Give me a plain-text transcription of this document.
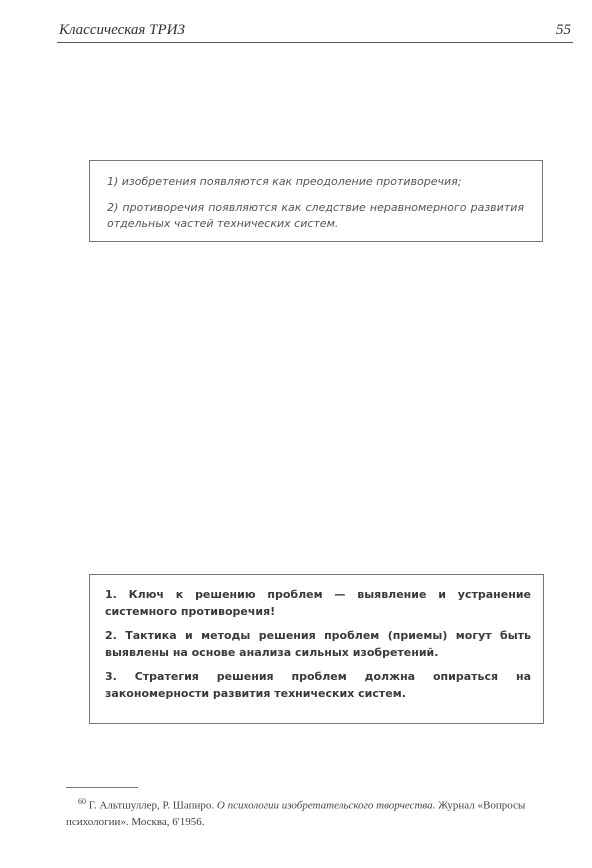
Классическая ТРИЗ	55

1) изобретения появляются как преодоление противоречия;

2) противоречия появляются как следствие неравномерного развития отдельных частей технических систем.

1. Ключ к решению проблем — выявление и устранение системного противоречия!

2. Тактика и методы решения проблем (приемы) могут быть выявлены на основе анализа сильных изобретений.

3. Стратегия решения проблем должна опираться на закономерности развития технических систем.

$^{60}$ Г. Альтшуллер, Р. Шапиро. О психологии изобретательского творчества. Журнал «Вопросы психологии». Москва, 6'1956.
